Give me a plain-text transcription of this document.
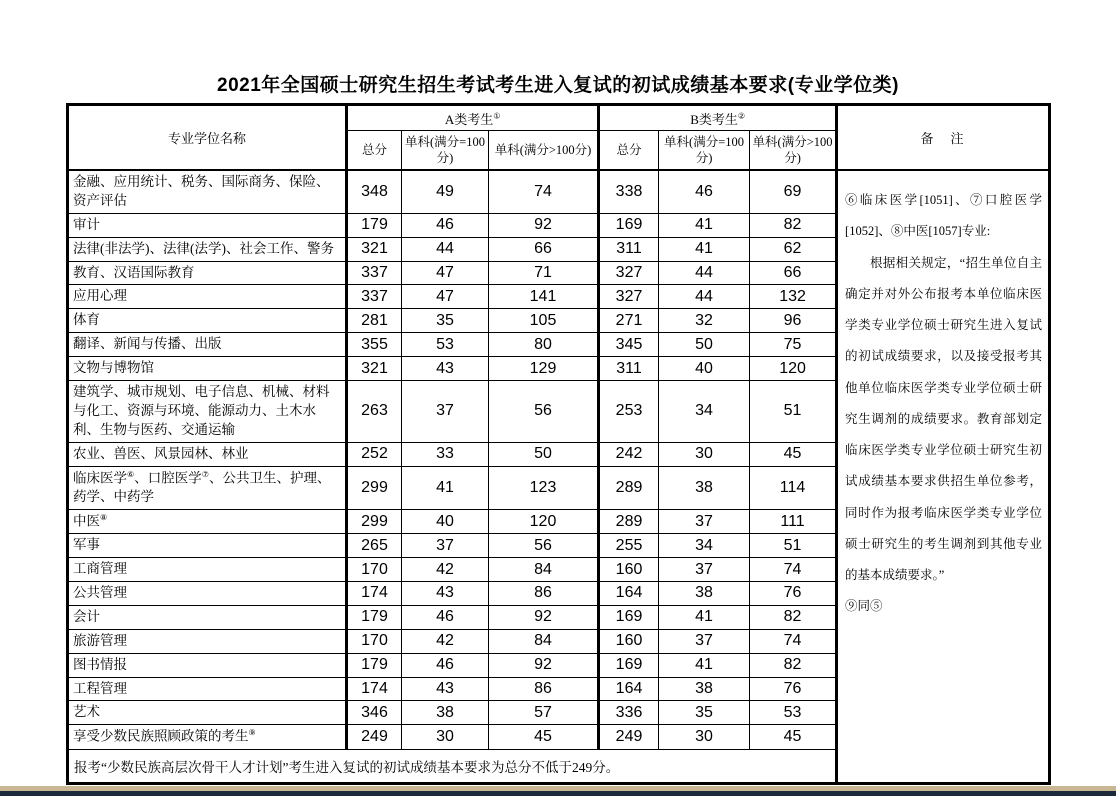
2021年全国硕士研究生招生考试考生进入复试的初试成绩基本要求(专业学位类)
专业学位名称	A类考生①			B类考生②			备　注
	总分	单科(满分=100分)	单科(满分>100分)	总分	单科(满分=100分)	单科(满分>100分)	
金融、应用统计、税务、国际商务、保险、资产评估	348	49	74	338	46	69	⑥临床医学[1051]、⑦口腔医学[1052]、⑧中医[1057]专业:

根据相关规定，“招生单位自主确定并对外公布报考本单位临床医学类专业学位硕士研究生进入复试的初试成绩要求，以及接受报考其他单位临床医学类专业学位硕士研究生调剂的成绩要求。教育部划定临床医学类专业学位硕士研究生初试成绩基本要求供招生单位参考，同时作为报考临床医学类专业学位硕士研究生的考生调剂到其他专业的基本成绩要求。”

⑨同⑤

审计	179	46	92	169	41	82	
法律(非法学)、法律(法学)、社会工作、警务	321	44	66	311	41	62	
教育、汉语国际教育	337	47	71	327	44	66	
应用心理	337	47	141	327	44	132	
体育	281	35	105	271	32	96	
翻译、新闻与传播、出版	355	53	80	345	50	75	
文物与博物馆	321	43	129	311	40	120	
建筑学、城市规划、电子信息、机械、材料与化工、资源与环境、能源动力、土木水利、生物与医药、交通运输	263	37	56	253	34	51	
农业、兽医、风景园林、林业	252	33	50	242	30	45	
临床医学⑥、口腔医学⑦、公共卫生、护理、药学、中药学	299	41	123	289	38	114	
中医⑧	299	40	120	289	37	111	
军事	265	37	56	255	34	51	
工商管理	170	42	84	160	37	74	
公共管理	174	43	86	164	38	76	
会计	179	46	92	169	41	82	
旅游管理	170	42	84	160	37	74	
图书情报	179	46	92	169	41	82	
工程管理	174	43	86	164	38	76	
艺术	346	38	57	336	35	53	
享受少数民族照顾政策的考生⑨	249	30	45	249	30	45	
报考“少数民族高层次骨干人才计划”考生进入复试的初试成绩基本要求为总分不低于249分。							
